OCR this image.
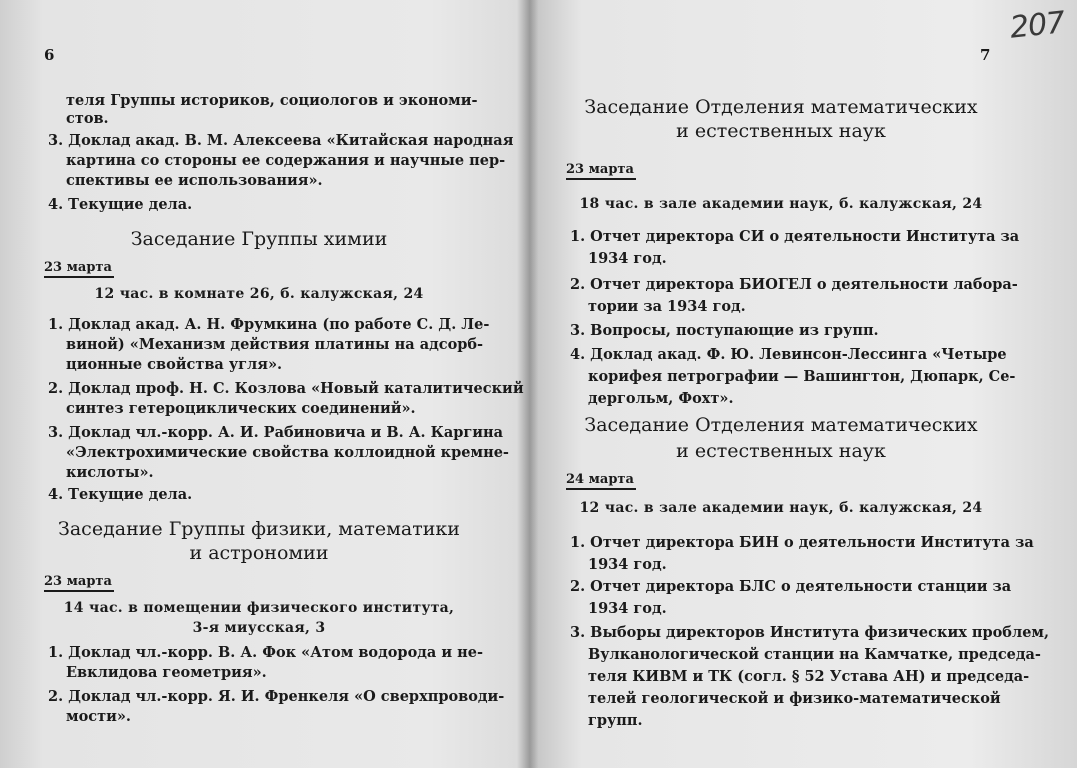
6
теля Группы историков, социологов и экономи-
стов.
3. Доклад акад. В. М. Алексеева «Китайская народная
картина со стороны ее содержания и научные пер-
спективы ее использования».
4. Текущие дела.
Заседание Группы химии
23 марта
12 час. в комнате 26, б. калужская, 24
1. Доклад акад. А. Н. Фрумкина (по работе С. Д. Ле-
виной) «Механизм действия платины на адсорб-
ционные свойства угля».
2. Доклад проф. Н. С. Козлова «Новый каталитический
синтез гетероциклических соединений».
3. Доклад чл.-корр. А. И. Рабиновича и В. А. Каргина
«Электрохимические свойства коллоидной кремне-
кислоты».
4. Текущие дела.
Заседание Группы физики, математики
и астрономии
23 марта
14 час. в помещении физического института,
3-я миусская, 3
1. Доклад чл.-корр. В. А. Фок «Атом водорода и не-
Евклидова геометрия».
2. Доклад чл.-корр. Я. И. Френкеля «О сверхпроводи-
мости».
7
207
Заседание Отделения математических
и естественных наук
23 марта
18 час. в зале академии наук, б. калужская, 24
1. Отчет директора СИ о деятельности Института за
1934 год.
2. Отчет директора БИОГЕЛ о деятельности лабора-
тории за 1934 год.
3. Вопросы, поступающие из групп.
4. Доклад акад. Ф. Ю. Левинсон-Лессинга «Четыре
корифея петрографии — Вашингтон, Дюпарк, Се-
дергольм, Фохт».
Заседание Отделения математических
и естественных наук
24 марта
12 час. в зале академии наук, б. калужская, 24
1. Отчет директора БИН о деятельности Института за
1934 год.
2. Отчет директора БЛС о деятельности станции за
1934 год.
3. Выборы директоров Института физических проблем,
Вулканологической станции на Камчатке, председа-
теля КИВМ и ТК (согл. § 52 Устава АН) и председа-
телей геологической и физико-математической
групп.
